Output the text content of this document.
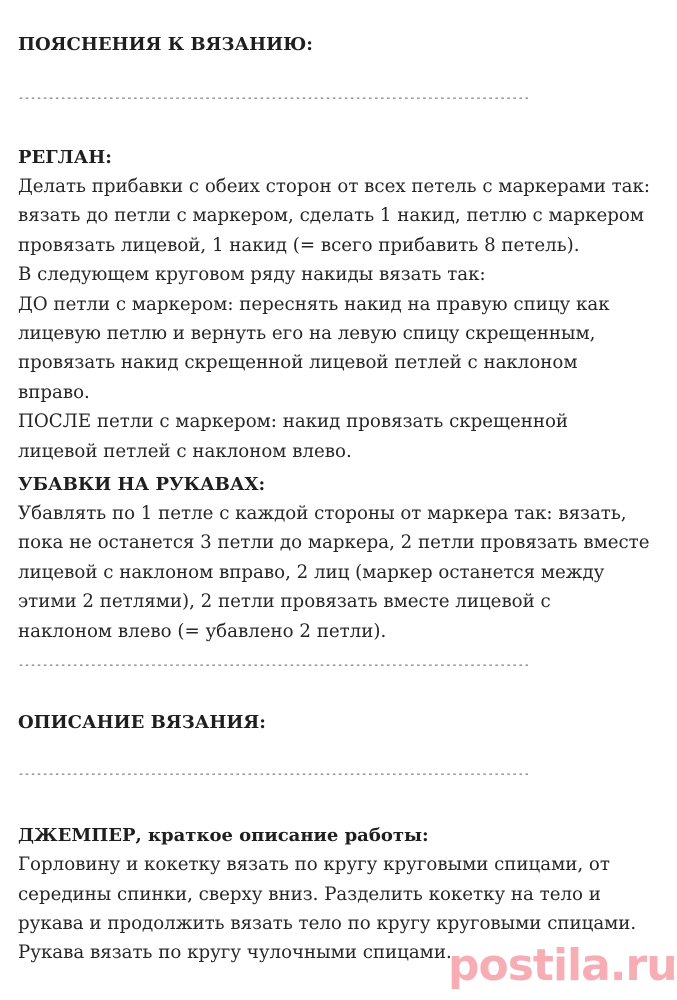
ПОЯСНЕНИЯ К ВЯЗАНИЮ:

-------------------------------------------------------------------------------------

РЕГЛАН:

Делать прибавки с обеих сторон от всех петель с маркерами так:

вязать до петли с маркером, сделать 1 накид, петлю с маркером

провязать лицевой, 1 накид (= всего прибавить 8 петель).

В следующем круговом ряду накиды вязать так:

ДО петли с маркером: переснять накид на правую спицу как

лицевую петлю и вернуть его на левую спицу скрещенным,

провязать накид скрещенной лицевой петлей с наклоном

вправо.

ПОСЛЕ петли с маркером: накид провязать скрещенной

лицевой петлей с наклоном влево.

УБАВКИ НА РУКАВАХ:

Убавлять по 1 петле с каждой стороны от маркера так: вязать,

пока не останется 3 петли до маркера, 2 петли провязать вместе

лицевой с наклоном вправо, 2 лиц (маркер останется между

этими 2 петлями), 2 петли провязать вместе лицевой с

наклоном влево (= убавлено 2 петли).

-------------------------------------------------------------------------------------

ОПИСАНИЕ ВЯЗАНИЯ:

-------------------------------------------------------------------------------------

ДЖЕМПЕР, краткое описание работы:

Горловину и кокетку вязать по кругу круговыми спицами, от

середины спинки, сверху вниз. Разделить кокетку на тело и

рукава и продолжить вязать тело по кругу круговыми спицами.

Рукава вязать по кругу чулочными спицами.

postila.ru
